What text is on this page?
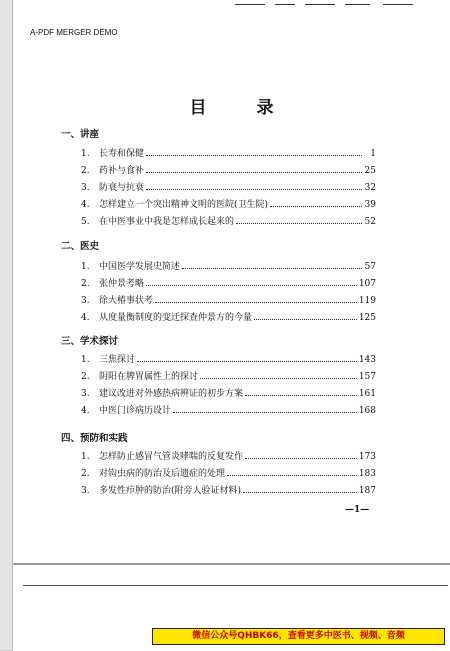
A-PDF MERGER DEMO
目 录
一、讲座
1.	长寿和保健	1
2.	药补与食补	25
3.	防衰与抗衰	32
4.	怎样建立一个突出精神文明的医院(卫生院)	39
5.	在中医事业中我是怎样成长起来的	52
二、医史
1.	中国医学发展史简述	57
2.	张仲景考略	107
3.	徐大椿事状考	119
4.	从度量衡制度的变迁探查仲景方的今量	125
三、学术探讨
1.	三焦探讨	143
2.	阴阳在脾胃属性上的探讨	157
3.	建议改进对外感热病辨证的初步方案	161
4.	中医门诊病历设计	168
四、预防和实践
1.	怎样防止感冒气管炎哮喘的反复发作	173
2.	对钩虫病的防治及后遗症的处理	183
3.	多发性疖肿的防治(附旁人验证材料)	187
—1—
微信公众号QHBK66，查看更多中医书、视频、音频
